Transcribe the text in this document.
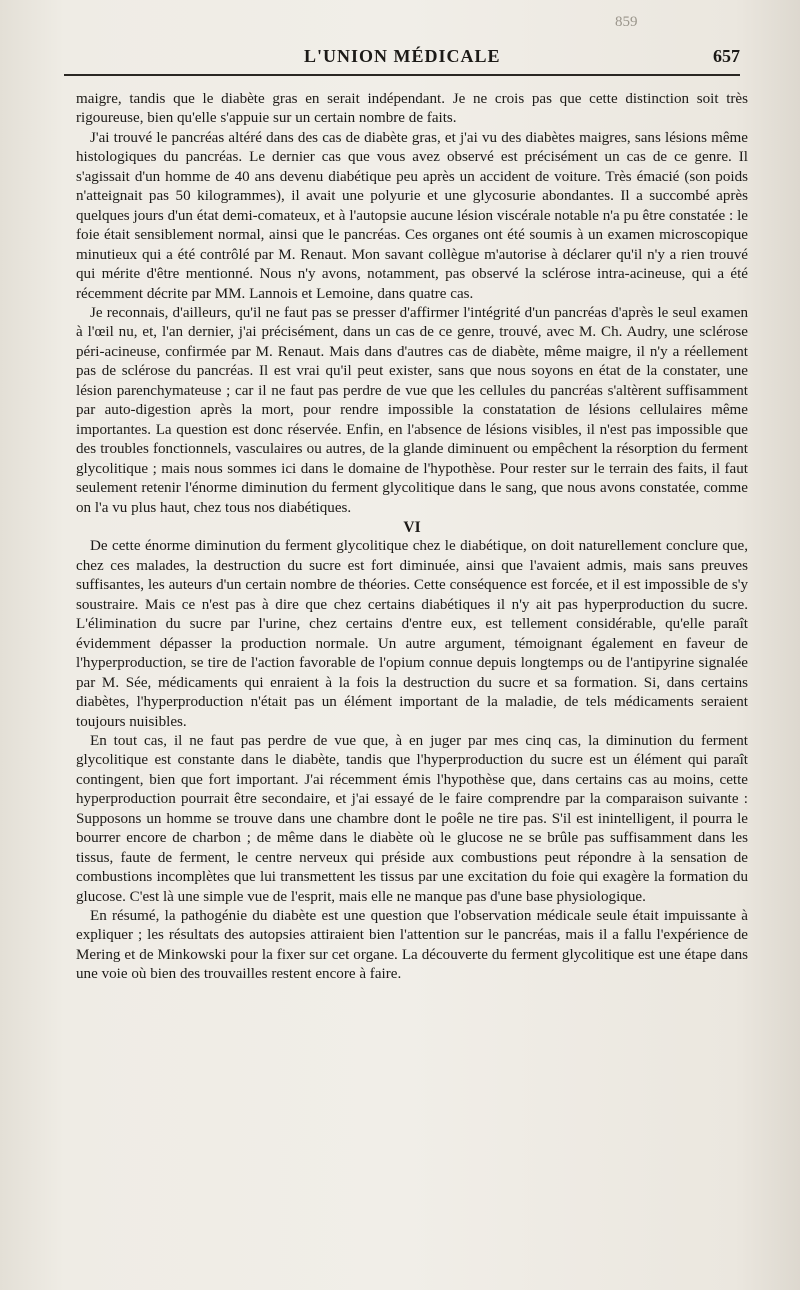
859
L'UNION MÉDICALE	657

maigre, tandis que le diabète gras en serait indépendant. Je ne crois pas que cette distinction soit très rigoureuse, bien qu'elle s'appuie sur un certain nombre de faits.

J'ai trouvé le pancréas altéré dans des cas de diabète gras, et j'ai vu des diabètes maigres, sans lésions même histologiques du pancréas. Le dernier cas que vous avez observé est précisément un cas de ce genre. Il s'agissait d'un homme de 40 ans devenu diabétique peu après un accident de voiture. Très émacié (son poids n'atteignait pas 50 kilogrammes), il avait une polyurie et une glycosurie abondantes. Il a succombé après quelques jours d'un état demi-comateux, et à l'autopsie aucune lésion viscérale notable n'a pu être constatée : le foie était sensiblement normal, ainsi que le pancréas. Ces organes ont été soumis à un examen microscopique minutieux qui a été contrôlé par M. Renaut. Mon savant collègue m'autorise à déclarer qu'il n'y a rien trouvé qui mérite d'être mentionné. Nous n'y avons, notamment, pas observé la sclérose intra-acineuse, qui a été récemment décrite par MM. Lannois et Lemoine, dans quatre cas.

Je reconnais, d'ailleurs, qu'il ne faut pas se presser d'affirmer l'intégrité d'un pancréas d'après le seul examen à l'œil nu, et, l'an dernier, j'ai précisément, dans un cas de ce genre, trouvé, avec M. Ch. Audry, une sclérose péri-acineuse, confirmée par M. Renaut. Mais dans d'autres cas de diabète, même maigre, il n'y a réellement pas de sclérose du pancréas. Il est vrai qu'il peut exister, sans que nous soyons en état de la constater, une lésion parenchymateuse ; car il ne faut pas perdre de vue que les cellules du pancréas s'altèrent suffisamment par auto-digestion après la mort, pour rendre impossible la constatation de lésions cellulaires même importantes. La question est donc réservée. Enfin, en l'absence de lésions visibles, il n'est pas impossible que des troubles fonctionnels, vasculaires ou autres, de la glande diminuent ou empêchent la résorption du ferment glycolitique ; mais nous sommes ici dans le domaine de l'hypothèse. Pour rester sur le terrain des faits, il faut seulement retenir l'énorme diminution du ferment glycolitique dans le sang, que nous avons constatée, comme on l'a vu plus haut, chez tous nos diabétiques.

VI

De cette énorme diminution du ferment glycolitique chez le diabétique, on doit naturellement conclure que, chez ces malades, la destruction du sucre est fort diminuée, ainsi que l'avaient admis, mais sans preuves suffisantes, les auteurs d'un certain nombre de théories. Cette conséquence est forcée, et il est impossible de s'y soustraire. Mais ce n'est pas à dire que chez certains diabétiques il n'y ait pas hyperproduction du sucre. L'élimination du sucre par l'urine, chez certains d'entre eux, est tellement considérable, qu'elle paraît évidemment dépasser la production normale. Un autre argument, témoignant également en faveur de l'hyperproduction, se tire de l'action favorable de l'opium connue depuis longtemps ou de l'antipyrine signalée par M. Sée, médicaments qui enraient à la fois la destruction du sucre et sa formation. Si, dans certains diabètes, l'hyperproduction n'était pas un élément important de la maladie, de tels médicaments seraient toujours nuisibles.

En tout cas, il ne faut pas perdre de vue que, à en juger par mes cinq cas, la diminution du ferment glycolitique est constante dans le diabète, tandis que l'hyperproduction du sucre est un élément qui paraît contingent, bien que fort important. J'ai récemment émis l'hypothèse que, dans certains cas au moins, cette hyperproduction pourrait être secondaire, et j'ai essayé de le faire comprendre par la comparaison suivante : Supposons un homme se trouve dans une chambre dont le poêle ne tire pas. S'il est inintelligent, il pourra le bourrer encore de charbon ; de même dans le diabète où le glucose ne se brûle pas suffisamment dans les tissus, faute de ferment, le centre nerveux qui préside aux combustions peut répondre à la sensation de combustions incomplètes que lui transmettent les tissus par une excitation du foie qui exagère la formation du glucose. C'est là une simple vue de l'esprit, mais elle ne manque pas d'une base physiologique.

En résumé, la pathogénie du diabète est une question que l'observation médicale seule était impuissante à expliquer ; les résultats des autopsies attiraient bien l'attention sur le pancréas, mais il a fallu l'expérience de Mering et de Minkowski pour la fixer sur cet organe. La découverte du ferment glycolitique est une étape dans une voie où bien des trouvailles restent encore à faire.
